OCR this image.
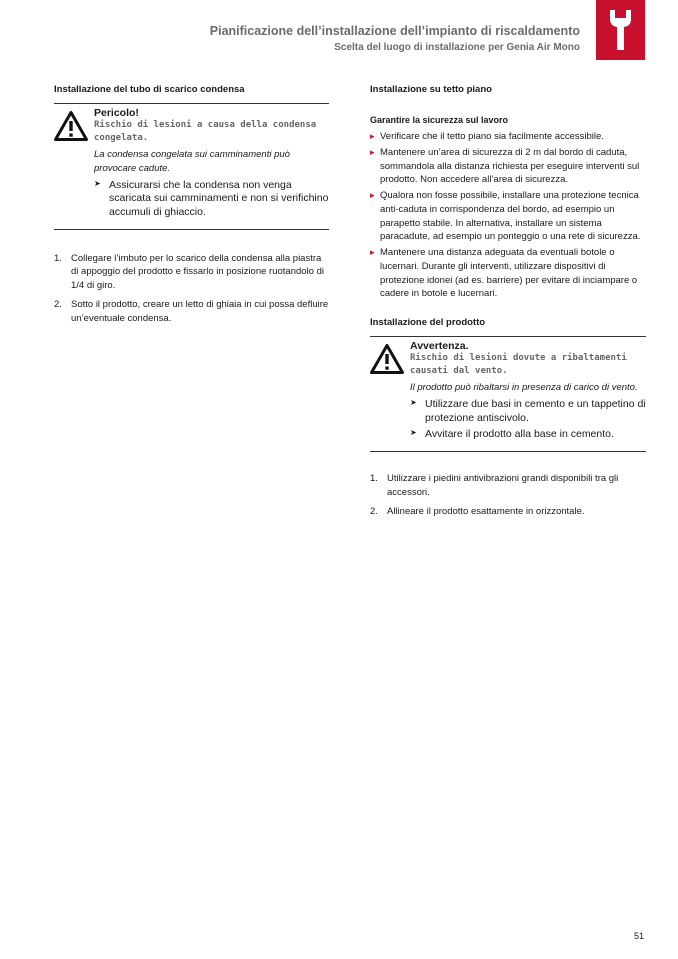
Pianificazione dell’installazione dell’impianto di riscaldamento
Scelta del luogo di installazione per Genia Air Mono
Installazione del tubo di scarico condensa
Pericolo!
Rischio di lesioni a causa della condensa congelata.
La condensa congelata sui camminamenti può provocare cadute.
➤ Assicurarsi che la condensa non venga scaricata sui camminamenti e non si verifichino accumuli di ghiaccio.
1. Collegare l’imbuto per lo scarico della condensa alla piastra di appoggio del prodotto e fissarlo in posizione ruotandolo di 1/4 di giro.
2. Sotto il prodotto, creare un letto di ghiaia in cui possa defluire un’eventuale condensa.
Installazione su tetto piano
Garantire la sicurezza sul lavoro
▸ Verificare che il tetto piano sia facilmente accessibile.
▸ Mantenere un’area di sicurezza di 2 m dal bordo di caduta, sommandola alla distanza richiesta per eseguire interventi sul prodotto. Non accedere all’area di sicurezza.
▸ Qualora non fosse possibile, installare una protezione tecnica anti-caduta in corrispondenza del bordo, ad esempio un parapetto stabile. In alternativa, installare un sistema paracadute, ad esempio un ponteggio o una rete di sicurezza.
▸ Mantenere una distanza adeguata da eventuali botole o lucernari. Durante gli interventi, utilizzare dispositivi di protezione idonei (ad es. barriere) per evitare di inciampare o cadere in botole e lucernari.
Installazione del prodotto
Avvertenza.
Rischio di lesioni dovute a ribaltamenti causati dal vento.
Il prodotto può ribaltarsi in presenza di carico di vento.
➤ Utilizzare due basi in cemento e un tappetino di protezione antiscivolo.
➤ Avvitare il prodotto alla base in cemento.
1. Utilizzare i piedini antivibrazioni grandi disponibili tra gli accessori.
2. Allineare il prodotto esattamente in orizzontale.
51
